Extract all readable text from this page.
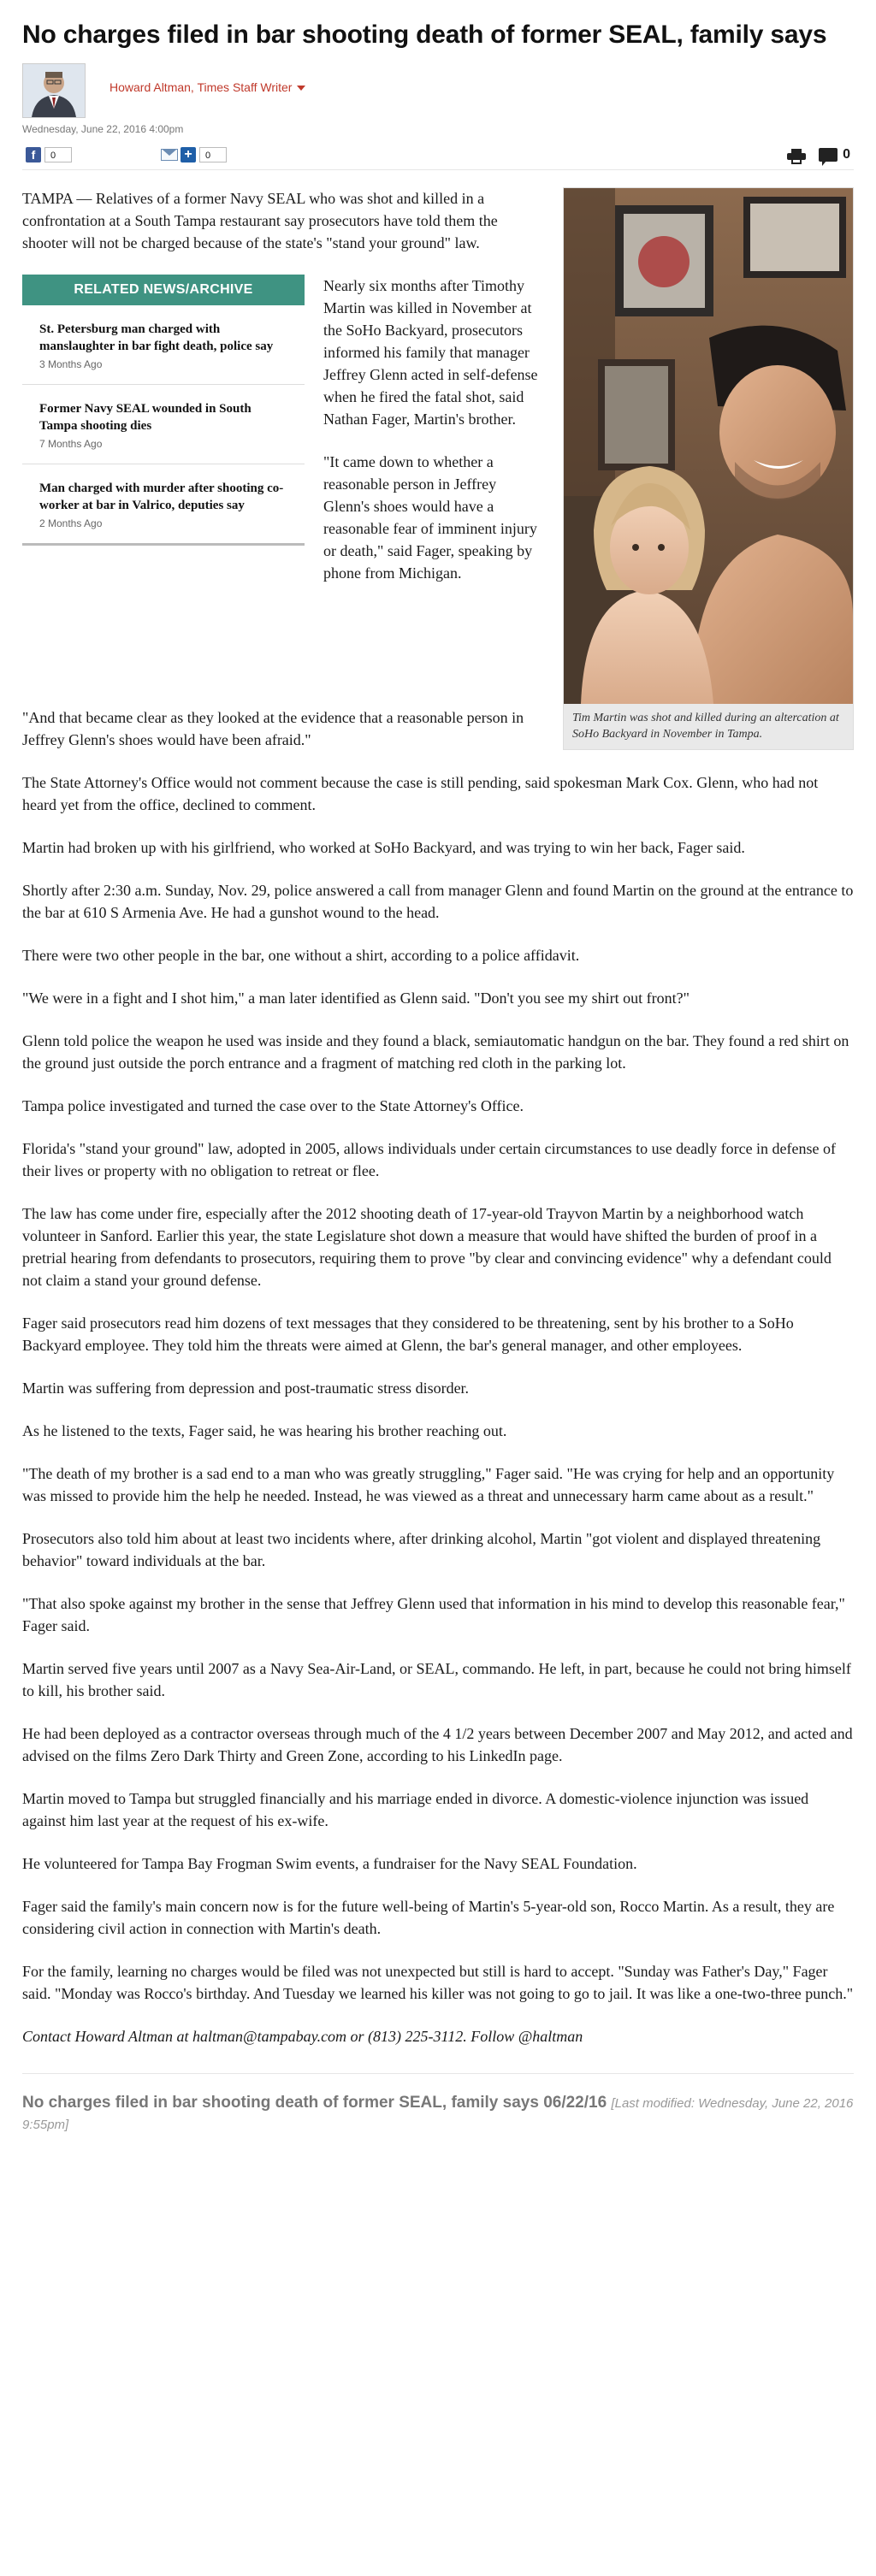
No charges filed in bar shooting death of former SEAL, family says
Howard Altman, Times Staff Writer
Wednesday, June 22, 2016 4:00pm
f	0	+	0	0
Tim Martin was shot and killed during an altercation at SoHo Backyard in November in Tampa.

TAMPA — Relatives of a former Navy SEAL who was shot and killed in a confrontation at a South Tampa restaurant say prosecutors have told them the shooter will not be charged because of the state's "stand your ground" law.

RELATED NEWS/ARCHIVE
St. Petersburg man charged with manslaughter in bar fight death, police say
3 Months Ago
Former Navy SEAL wounded in South Tampa shooting dies
7 Months Ago
Man charged with murder after shooting co-worker at bar in Valrico, deputies say
2 Months Ago

Nearly six months after Timothy Martin was killed in November at the SoHo Backyard, prosecutors informed his family that manager Jeffrey Glenn acted in self-defense when he fired the fatal shot, said Nathan Fager, Martin's brother.

"It came down to whether a reasonable person in Jeffrey Glenn's shoes would have a reasonable fear of imminent injury or death," said Fager, speaking by phone from Michigan.

"And that became clear as they looked at the evidence that a reasonable person in Jeffrey Glenn's shoes would have been afraid."

The State Attorney's Office would not comment because the case is still pending, said spokesman Mark Cox. Glenn, who had not heard yet from the office, declined to comment.

Martin had broken up with his girlfriend, who worked at SoHo Backyard, and was trying to win her back, Fager said.

Shortly after 2:30 a.m. Sunday, Nov. 29, police answered a call from manager Glenn and found Martin on the ground at the entrance to the bar at 610 S Armenia Ave. He had a gunshot wound to the head.

There were two other people in the bar, one without a shirt, according to a police affidavit.

"We were in a fight and I shot him," a man later identified as Glenn said. "Don't you see my shirt out front?"

Glenn told police the weapon he used was inside and they found a black, semiautomatic handgun on the bar. They found a red shirt on the ground just outside the porch entrance and a fragment of matching red cloth in the parking lot.

Tampa police investigated and turned the case over to the State Attorney's Office.

Florida's "stand your ground" law, adopted in 2005, allows individuals under certain circumstances to use deadly force in defense of their lives or property with no obligation to retreat or flee.

The law has come under fire, especially after the 2012 shooting death of 17-year-old Trayvon Martin by a neighborhood watch volunteer in Sanford. Earlier this year, the state Legislature shot down a measure that would have shifted the burden of proof in a pretrial hearing from defendants to prosecutors, requiring them to prove "by clear and convincing evidence" why a defendant could not claim a stand your ground defense.

Fager said prosecutors read him dozens of text messages that they considered to be threatening, sent by his brother to a SoHo Backyard employee. They told him the threats were aimed at Glenn, the bar's general manager, and other employees.

Martin was suffering from depression and post-traumatic stress disorder.

As he listened to the texts, Fager said, he was hearing his brother reaching out.

"The death of my brother is a sad end to a man who was greatly struggling," Fager said. "He was crying for help and an opportunity was missed to provide him the help he needed. Instead, he was viewed as a threat and unnecessary harm came about as a result."

Prosecutors also told him about at least two incidents where, after drinking alcohol, Martin "got violent and displayed threatening behavior" toward individuals at the bar.

"That also spoke against my brother in the sense that Jeffrey Glenn used that information in his mind to develop this reasonable fear," Fager said.

Martin served five years until 2007 as a Navy Sea-Air-Land, or SEAL, commando. He left, in part, because he could not bring himself to kill, his brother said.

He had been deployed as a contractor overseas through much of the 4 1/2 years between December 2007 and May 2012, and acted and advised on the films Zero Dark Thirty and Green Zone, according to his LinkedIn page.

Martin moved to Tampa but struggled financially and his marriage ended in divorce. A domestic-violence injunction was issued against him last year at the request of his ex-wife.

He volunteered for Tampa Bay Frogman Swim events, a fundraiser for the Navy SEAL Foundation.

Fager said the family's main concern now is for the future well-being of Martin's 5-year-old son, Rocco Martin. As a result, they are considering civil action in connection with Martin's death.

For the family, learning no charges would be filed was not unexpected but still is hard to accept. "Sunday was Father's Day," Fager said. "Monday was Rocco's birthday. And Tuesday we learned his killer was not going to go to jail. It was like a one-two-three punch."

Contact Howard Altman at haltman@tampabay.com or (813) 225-3112. Follow @haltman

No charges filed in bar shooting death of former SEAL, family says 06/22/16 [Last modified: Wednesday, June 22, 2016 9:55pm]
